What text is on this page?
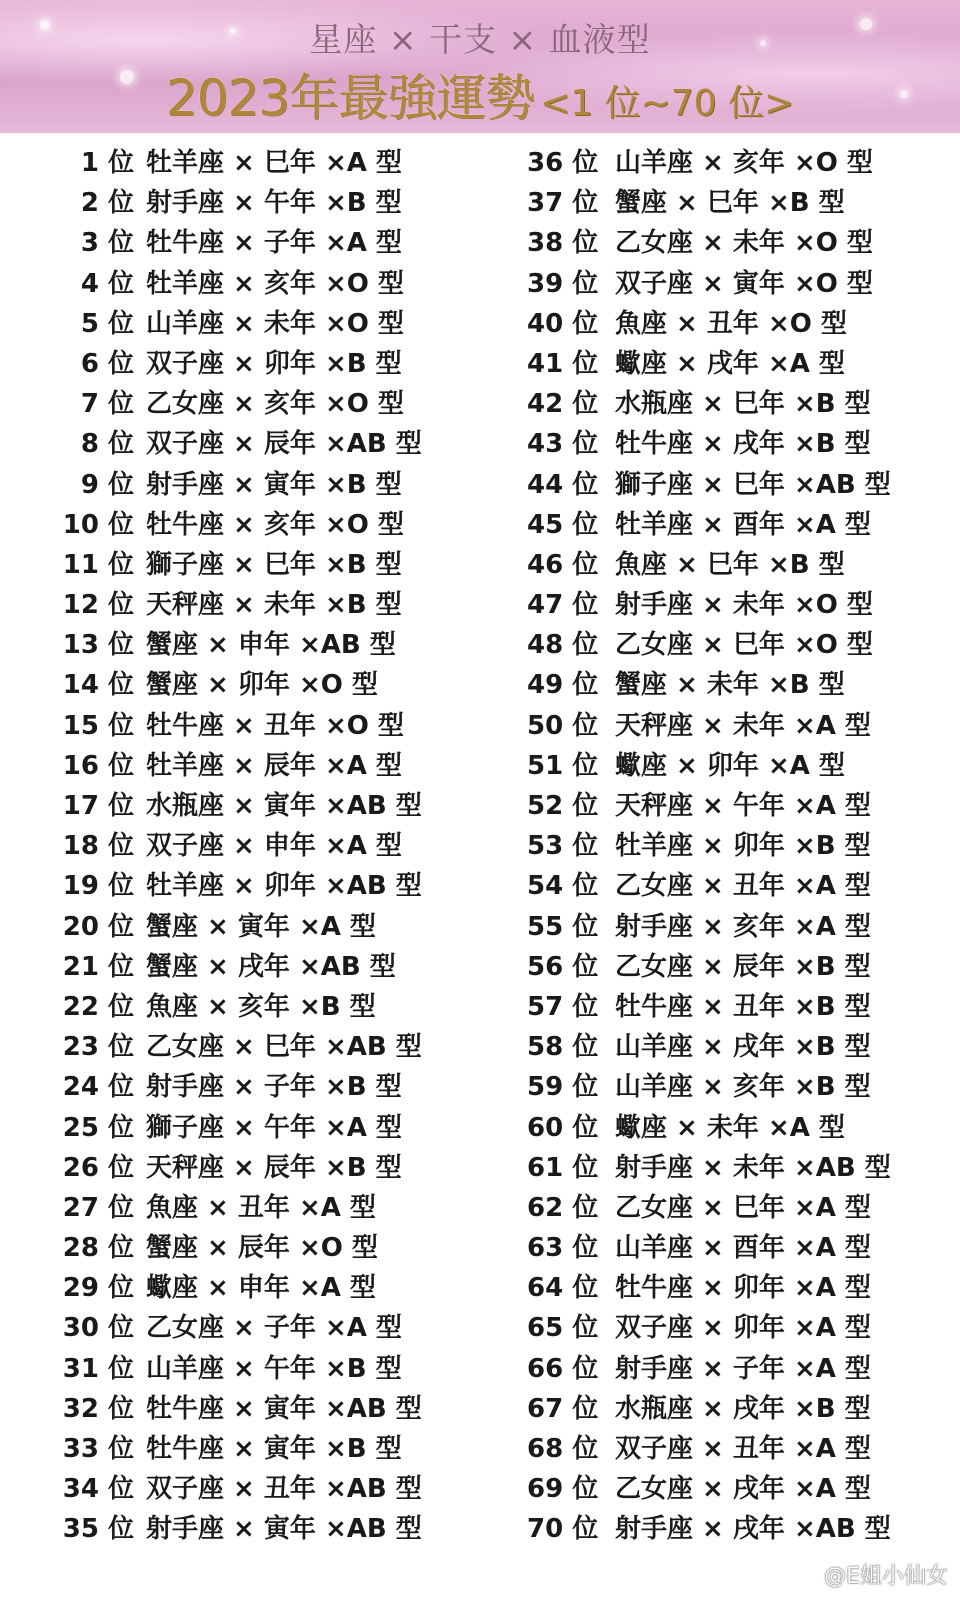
星座 × 干支 × 血液型
2023年最強運勢 <1 位~70 位>
1 位 牡羊座 × 巳年 ×A 型
2 位 射手座 × 午年 ×B 型
3 位 牡牛座 × 子年 ×A 型
4 位 牡羊座 × 亥年 ×O 型
5 位 山羊座 × 未年 ×O 型
6 位 双子座 × 卯年 ×B 型
7 位 乙女座 × 亥年 ×O 型
8 位 双子座 × 辰年 ×AB 型
9 位 射手座 × 寅年 ×B 型
10 位 牡牛座 × 亥年 ×O 型
11 位 獅子座 × 巳年 ×B 型
12 位 天秤座 × 未年 ×B 型
13 位 蟹座 × 申年 ×AB 型
14 位 蟹座 × 卯年 ×O 型
15 位 牡牛座 × 丑年 ×O 型
16 位 牡羊座 × 辰年 ×A 型
17 位 水瓶座 × 寅年 ×AB 型
18 位 双子座 × 申年 ×A 型
19 位 牡羊座 × 卯年 ×AB 型
20 位 蟹座 × 寅年 ×A 型
21 位 蟹座 × 戌年 ×AB 型
22 位 魚座 × 亥年 ×B 型
23 位 乙女座 × 巳年 ×AB 型
24 位 射手座 × 子年 ×B 型
25 位 獅子座 × 午年 ×A 型
26 位 天秤座 × 辰年 ×B 型
27 位 魚座 × 丑年 ×A 型
28 位 蟹座 × 辰年 ×O 型
29 位 蠍座 × 申年 ×A 型
30 位 乙女座 × 子年 ×A 型
31 位 山羊座 × 午年 ×B 型
32 位 牡牛座 × 寅年 ×AB 型
33 位 牡牛座 × 寅年 ×B 型
34 位 双子座 × 丑年 ×AB 型
35 位 射手座 × 寅年 ×AB 型
36 位 山羊座 × 亥年 ×O 型
37 位 蟹座 × 巳年 ×B 型
38 位 乙女座 × 未年 ×O 型
39 位 双子座 × 寅年 ×O 型
40 位 魚座 × 丑年 ×O 型
41 位 蠍座 × 戌年 ×A 型
42 位 水瓶座 × 巳年 ×B 型
43 位 牡牛座 × 戌年 ×B 型
44 位 獅子座 × 巳年 ×AB 型
45 位 牡羊座 × 酉年 ×A 型
46 位 魚座 × 巳年 ×B 型
47 位 射手座 × 未年 ×O 型
48 位 乙女座 × 巳年 ×O 型
49 位 蟹座 × 未年 ×B 型
50 位 天秤座 × 未年 ×A 型
51 位 蠍座 × 卯年 ×A 型
52 位 天秤座 × 午年 ×A 型
53 位 牡羊座 × 卯年 ×B 型
54 位 乙女座 × 丑年 ×A 型
55 位 射手座 × 亥年 ×A 型
56 位 乙女座 × 辰年 ×B 型
57 位 牡牛座 × 丑年 ×B 型
58 位 山羊座 × 戌年 ×B 型
59 位 山羊座 × 亥年 ×B 型
60 位 蠍座 × 未年 ×A 型
61 位 射手座 × 未年 ×AB 型
62 位 乙女座 × 巳年 ×A 型
63 位 山羊座 × 酉年 ×A 型
64 位 牡牛座 × 卯年 ×A 型
65 位 双子座 × 卯年 ×A 型
66 位 射手座 × 子年 ×A 型
67 位 水瓶座 × 戌年 ×B 型
68 位 双子座 × 丑年 ×A 型
69 位 乙女座 × 戌年 ×A 型
70 位 射手座 × 戌年 ×AB 型
@E姐小仙女
